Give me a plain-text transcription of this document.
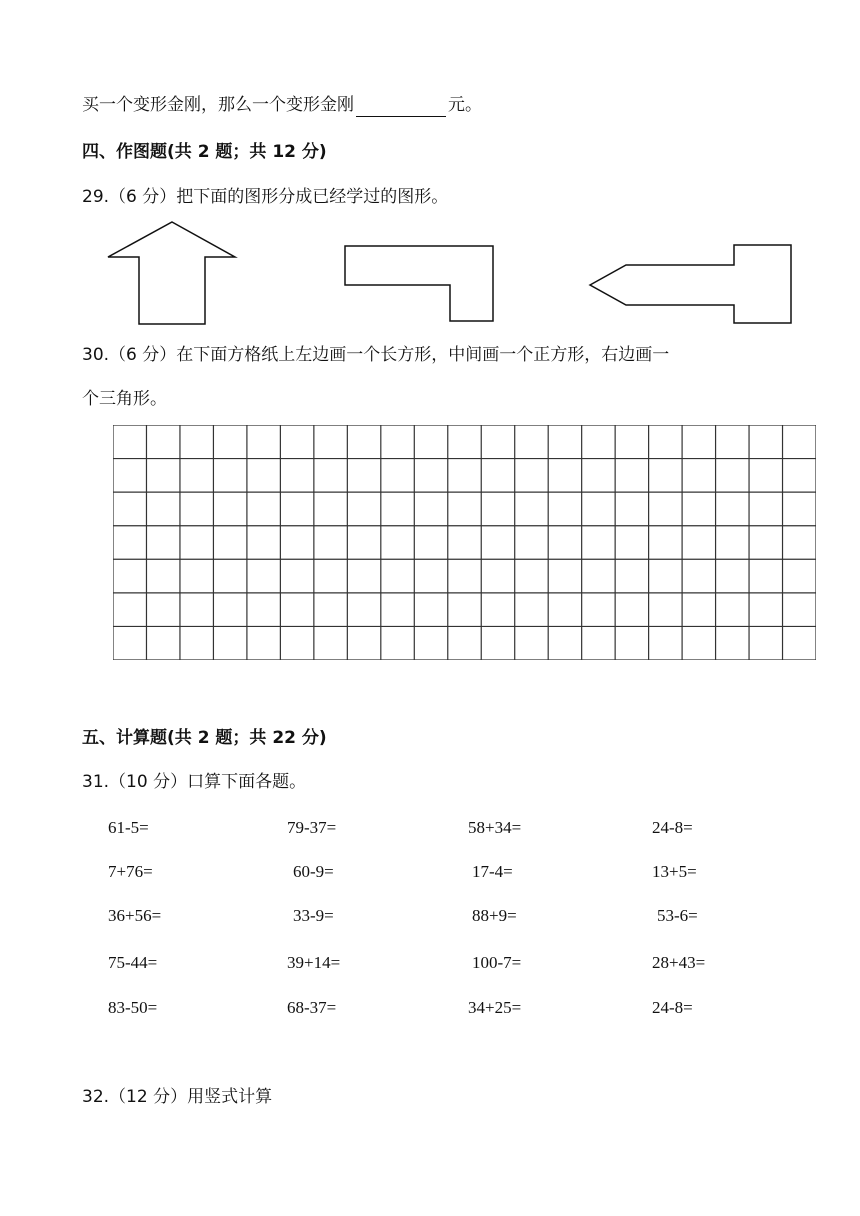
买一个变形金刚，那么一个变形金刚	元。
四、作图题(共 2 题；共 12 分)
29.（6 分）把下面的图形分成已经学过的图形。
30.（6 分）在下面方格纸上左边画一个长方形，中间画一个正方形，右边画一
个三角形。
五、计算题(共 2 题；共 22 分)
31.（10 分）口算下面各题。
61-5=	79-37=	58+34=	24-8=
7+76=	60-9=	17-4=	13+5=
36+56=	33-9=	88+9=	53-6=
75-44=	39+14=	100-7=	28+43=
83-50=	68-37=	34+25=	24-8=
32.（12 分）用竖式计算
